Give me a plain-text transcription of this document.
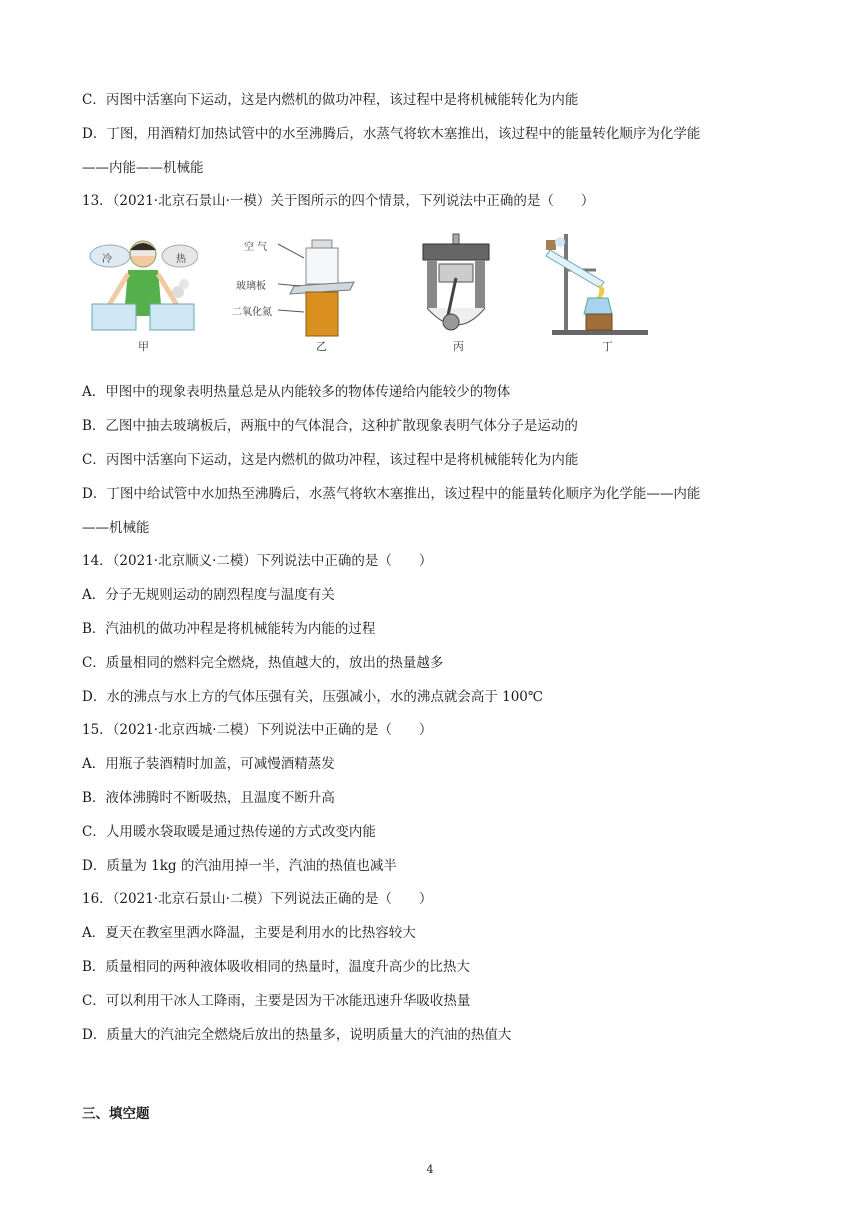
C．丙图中活塞向下运动，这是内燃机的做功冲程，该过程中是将机械能转化为内能
D．丁图，用酒精灯加热试管中的水至沸腾后，水蒸气将软木塞推出，该过程中的能量转化顺序为化学能
——内能——机械能
13．（2021·北京石景山·一模）关于图所示的四个情景，下列说法中正确的是（　　）
冷	热
甲
空 气
玻璃板
二氧化氮
乙	丙	丁
A．甲图中的现象表明热量总是从内能较多的物体传递给内能较少的物体
B．乙图中抽去玻璃板后，两瓶中的气体混合，这种扩散现象表明气体分子是运动的
C．丙图中活塞向下运动，这是内燃机的做功冲程，该过程中是将机械能转化为内能
D．丁图中给试管中水加热至沸腾后，水蒸气将软木塞推出，该过程中的能量转化顺序为化学能——内能
——机械能
14．（2021·北京顺义·二模）下列说法中正确的是（　　）
A．分子无规则运动的剧烈程度与温度有关
B．汽油机的做功冲程是将机械能转为内能的过程
C．质量相同的燃料完全燃烧，热值越大的，放出的热量越多
D．水的沸点与水上方的气体压强有关，压强减小，水的沸点就会高于 100℃
15．（2021·北京西城·二模）下列说法中正确的是（　　）
A．用瓶子装酒精时加盖，可减慢酒精蒸发
B．液体沸腾时不断吸热，且温度不断升高
C．人用暖水袋取暖是通过热传递的方式改变内能
D．质量为 1kg 的汽油用掉一半，汽油的热值也减半
16．（2021·北京石景山·二模）下列说法正确的是（　　）
A．夏天在教室里洒水降温，主要是利用水的比热容较大
B．质量相同的两种液体吸收相同的热量时，温度升高少的比热大
C．可以利用干冰人工降雨，主要是因为干冰能迅速升华吸收热量
D．质量大的汽油完全燃烧后放出的热量多，说明质量大的汽油的热值大
三、填空题
4
